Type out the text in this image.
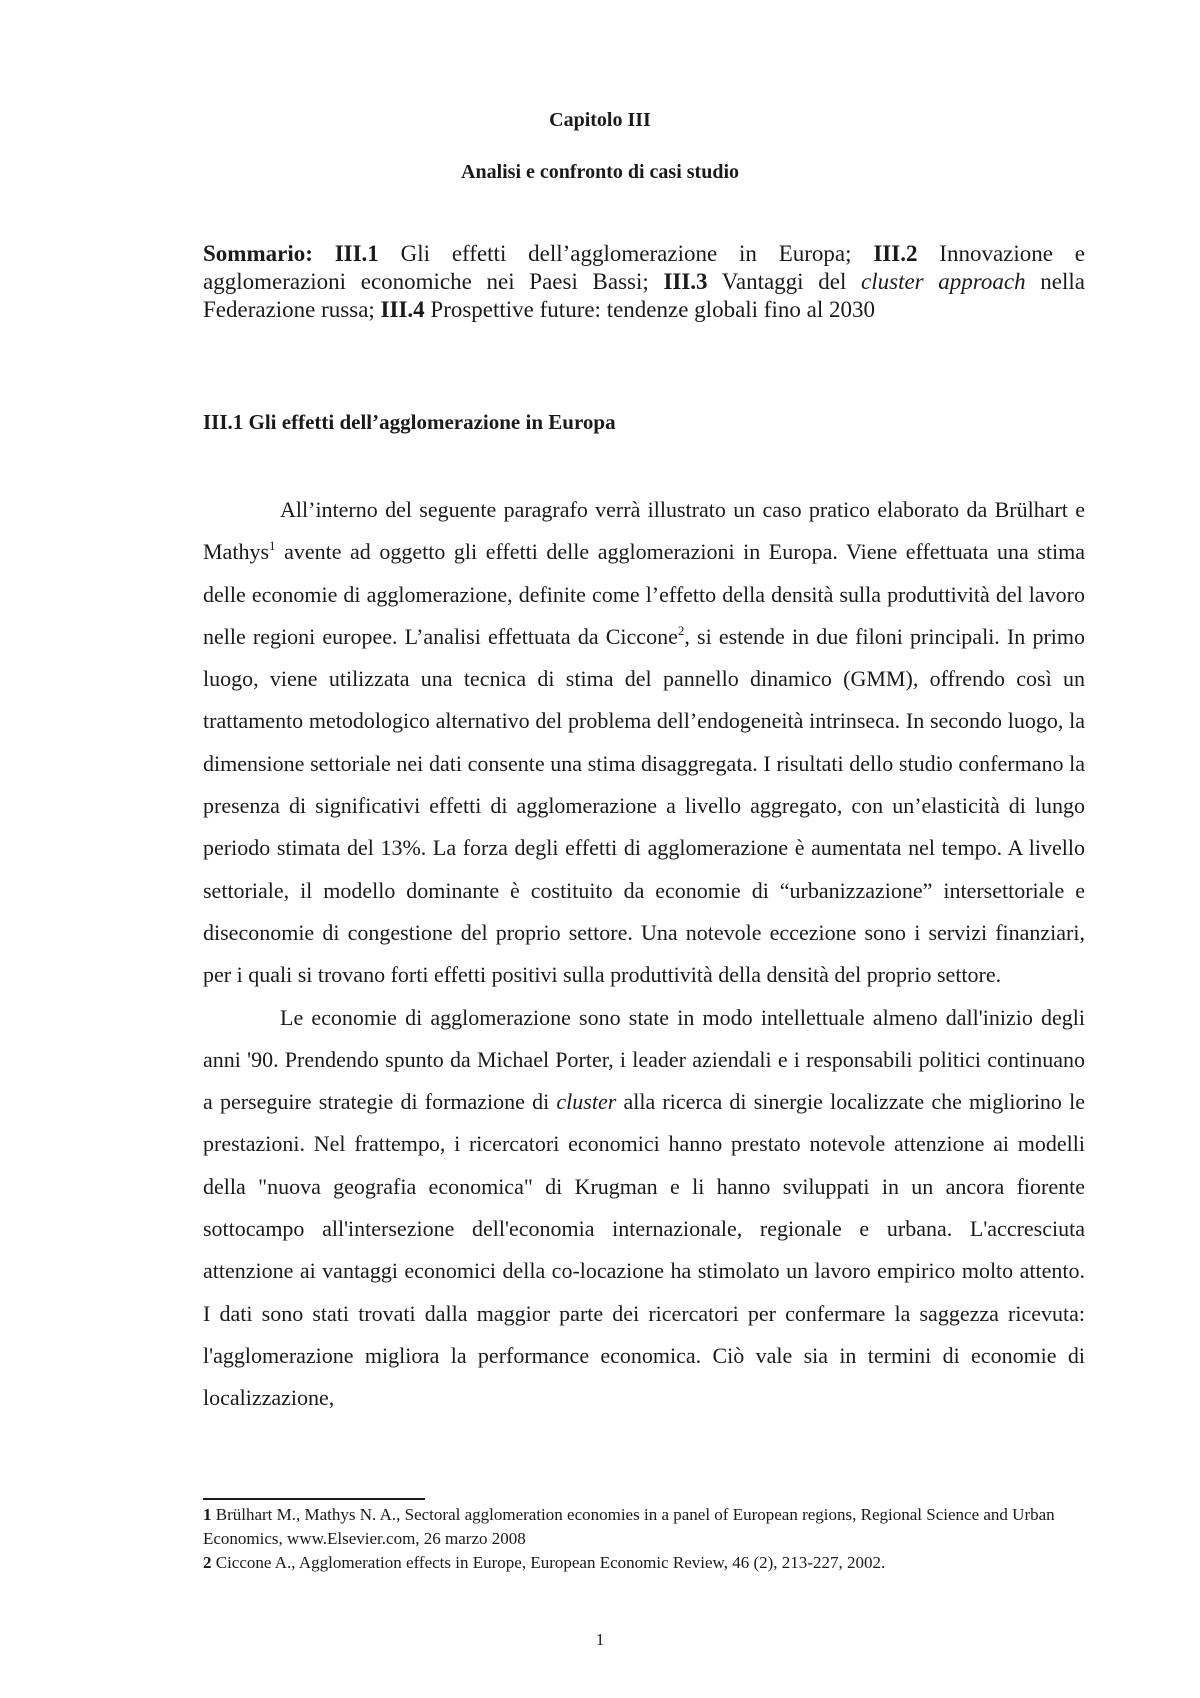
Capitolo III
Analisi e confronto di casi studio
Sommario: III.1 Gli effetti dell’agglomerazione in Europa; III.2 Innovazione e agglomerazioni economiche nei Paesi Bassi; III.3 Vantaggi del cluster approach nella Federazione russa; III.4 Prospettive future: tendenze globali fino al 2030
III.1 Gli effetti dell’agglomerazione in Europa

All’interno del seguente paragrafo verrà illustrato un caso pratico elaborato da Brülhart e Mathys$^1$ avente ad oggetto gli effetti delle agglomerazioni in Europa. Viene effettuata una stima delle economie di agglomerazione, definite come l’effetto della densità sulla produttività del lavoro nelle regioni europee. L’analisi effettuata da Ciccone$^2$, si estende in due filoni principali. In primo luogo, viene utilizzata una tecnica di stima del pannello dinamico (GMM), offrendo così un trattamento metodologico alternativo del problema dell’endogeneità intrinseca. In secondo luogo, la dimensione settoriale nei dati consente una stima disaggregata. I risultati dello studio confermano la presenza di significativi effetti di agglomerazione a livello aggregato, con un’elasticità di lungo periodo stimata del 13%. La forza degli effetti di agglomerazione è aumentata nel tempo. A livello settoriale, il modello dominante è costituito da economie di “urbanizzazione” intersettoriale e diseconomie di congestione del proprio settore. Una notevole eccezione sono i servizi finanziari, per i quali si trovano forti effetti positivi sulla produttività della densità del proprio settore.

Le economie di agglomerazione sono state in modo intellettuale almeno dall'inizio degli anni '90. Prendendo spunto da Michael Porter, i leader aziendali e i responsabili politici continuano a perseguire strategie di formazione di cluster alla ricerca di sinergie localizzate che migliorino le prestazioni. Nel frattempo, i ricercatori economici hanno prestato notevole attenzione ai modelli della "nuova geografia economica" di Krugman e li hanno sviluppati in un ancora fiorente sottocampo all'intersezione dell'economia internazionale, regionale e urbana. L'accresciuta attenzione ai vantaggi economici della co-locazione ha stimolato un lavoro empirico molto attento. I dati sono stati trovati dalla maggior parte dei ricercatori per confermare la saggezza ricevuta: l'agglomerazione migliora la performance economica. Ciò vale sia in termini di economie di localizzazione,

1 Brülhart M., Mathys N. A., Sectoral agglomeration economies in a panel of European regions, Regional Science and Urban Economics, www.Elsevier.com, 26 marzo 2008
2 Ciccone A., Agglomeration effects in Europe, European Economic Review, 46 (2), 213-227, 2002.
1
